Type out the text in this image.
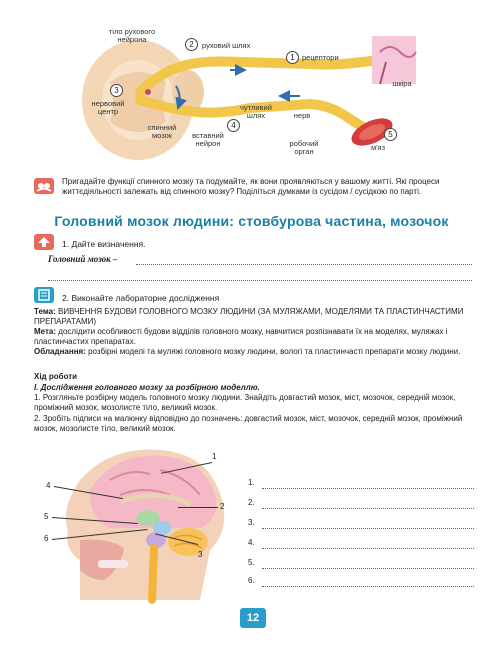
тіло рухового нейрона
2	руховий шлях
1 рецептори
шкіра
3
нервовий центр	чутливий шлях	нерв
4
спинний мозок	вставний нейрон
5
робочий орган	м'яз
Пригадайте функції спинного мозку та подумайте, як вони проявляються у вашому житті. Які процеси життєдіяльності залежать від спинного мозку? Поділіться думками із сусідом / сусідкою по парті.
Головний мозок людини: стовбурова частина, мозочок
1. Дайте визначення.
Головний мозок –
2. Виконайте лабораторне дослідження
Тема: ВИВЧЕННЯ БУДОВИ ГОЛОВНОГО МОЗКУ ЛЮДИНИ (ЗА МУЛЯЖАМИ, МОДЕЛЯМИ ТА ПЛАСТИНЧАСТИМИ ПРЕПАРАТАМИ)
Мета: дослідити особливості будови відділів головного мозку, навчитися розпізнавати їх на моделях, муляжах і пластинчастих препаратах.
Обладнання: розбірні моделі та муляжі головного мозку людини, вологі та пластинчасті препарати мозку людини.
Хід роботи
І. Дослідження головного мозку за розбірною моделлю.
1. Розгляньте розбірну модель головного мозку людини. Знайдіть довгастий мозок, міст, мозочок, середній мозок, проміжний мозок, мозолисте тіло, великий мозок.
2. Зробіть підписи на малюнку відповідно до позначень: довгастий мозок, міст, мозочок, середній мозок, проміжний мозок, мозолисте тіло, великий мозок.
1
4
2
5
6
3
1.
2.
3.
4.
5.
6.
12
